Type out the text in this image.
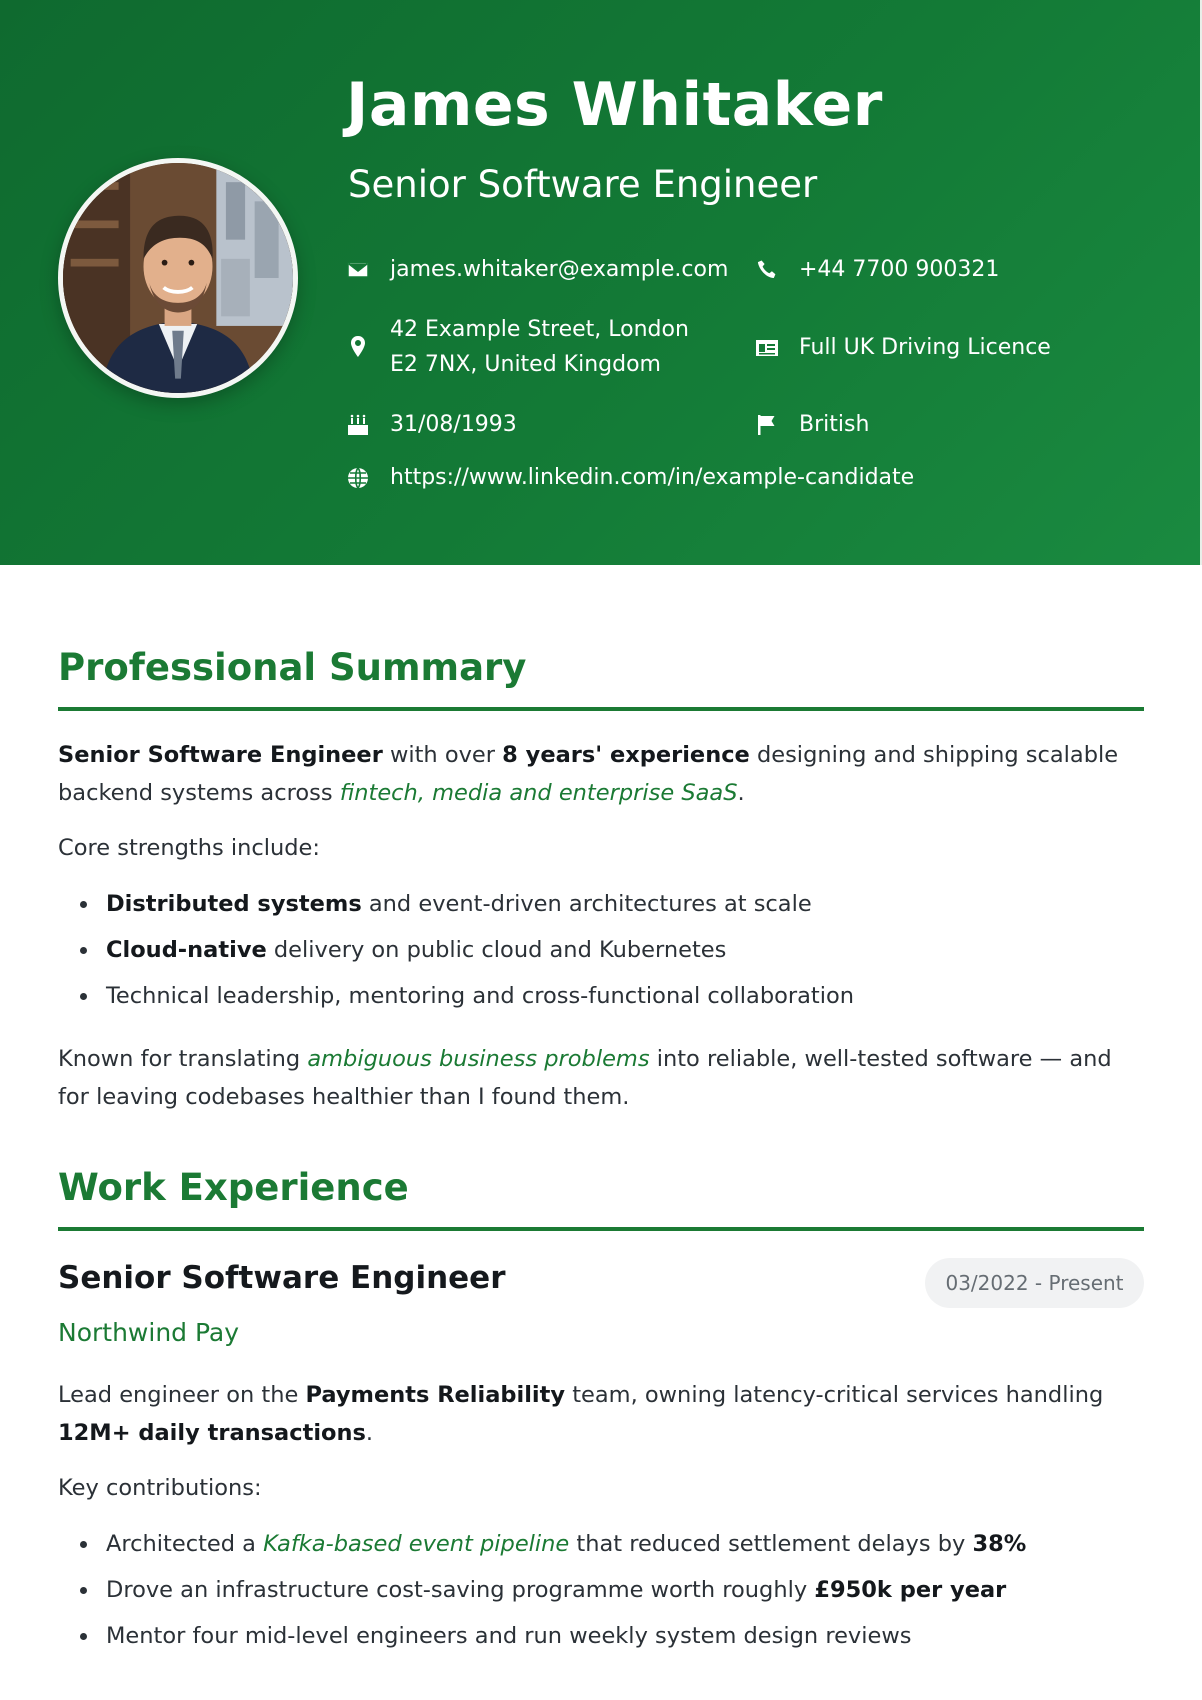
James Whitaker
Senior Software Engineer
james.whitaker@example.com	+44 7700 900321
42 Example Street, London E2 7NX, United Kingdom
Full UK Driving Licence
31/08/1993	British
https://www.linkedin.com/in/example-candidate
Professional Summary
Senior Software Engineer with over 8 years' experience designing and shipping scalable backend systems across fintech, media and enterprise SaaS.
Core strengths include:
Distributed systems and event-driven architectures at scale
Cloud-native delivery on public cloud and Kubernetes
Technical leadership, mentoring and cross-functional collaboration
Known for translating ambiguous business problems into reliable, well-tested software — and for leaving codebases healthier than I found them.
Work Experience
Senior Software Engineer	03/2022 - Present
Northwind Pay
Lead engineer on the Payments Reliability team, owning latency-critical services handling 12M+ daily transactions.
Key contributions:
Architected a Kafka-based event pipeline that reduced settlement delays by 38%
Drove an infrastructure cost-saving programme worth roughly £950k per year
Mentor four mid-level engineers and run weekly system design reviews
